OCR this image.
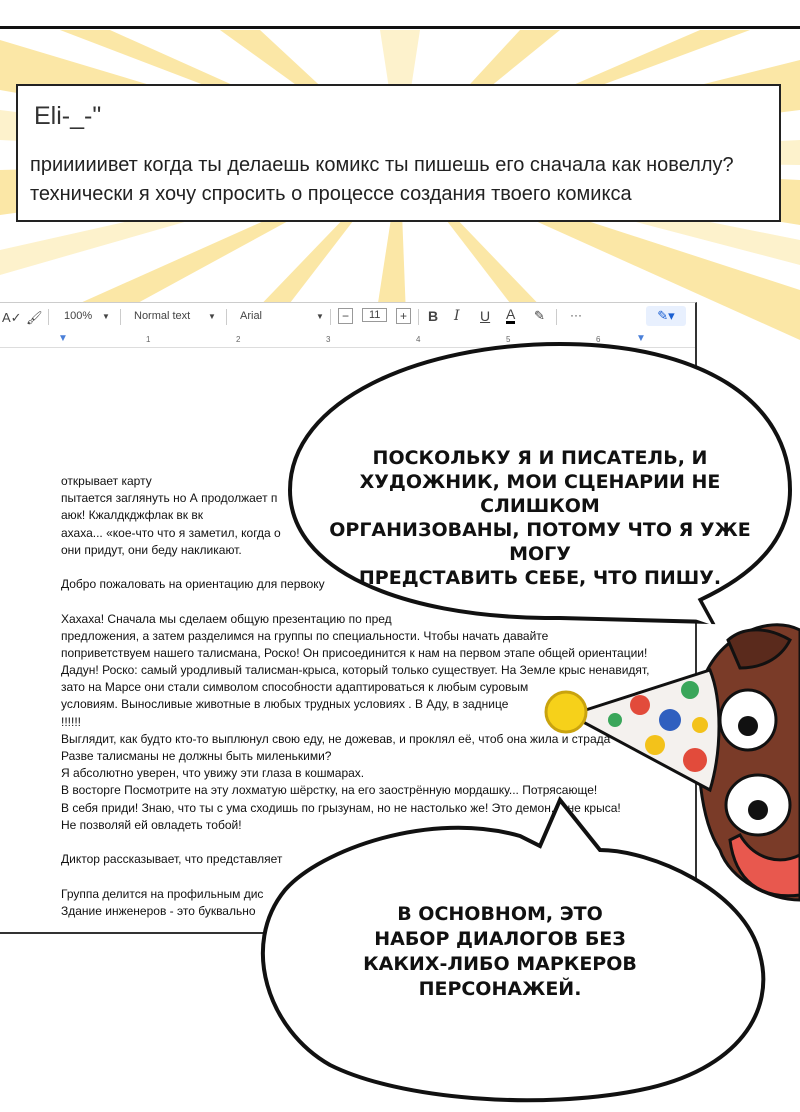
Eli-_-"
прииииивет когда ты делаешь комикс ты пишешь его сначала как новеллу?
технически я хочу спросить о процессе создания твоего комикса
A✓ 🖌 100% ▼ Normal text ▼ Arial	▼	−	11	+ B I U A ✎ ···	✎▾
▼	1	2	3	4	5	6	▼
открывает карту
пытается заглянуть но А продолжает п
аюк! Кжалдкджфлак вк вк
ахаха... «кое-что что я заметил, когда о
они придут, они беду накликают.
Добро пожаловать на ориентацию для первоку
Хахаха! Сначала мы сделаем общую презентацию по пред
предложения, а затем разделимся на группы по специальности. Чтобы начать давайте
поприветствуем нашего талисмана, Роско! Он присоединится к нам на первом этапе общей ориентации!
Дадун! Роско: самый уродливый талисман-крыса, который только существует. На Земле крыс ненавидят,
зато на Марсе они стали символом способности адаптироваться к любым суровым
условиям. Выносливые животные в любых трудных условиях . В Аду, в заднице
!!!!!!
Выглядит, как будто кто-то выплюнул свою еду, не дожевав, и проклял её, чтоб она жила и страда
Разве талисманы не должны быть миленькими?
Я абсолютно уверен, что увижу эти глаза в кошмарах.
В восторге Посмотрите на эту лохматую шёрстку, на его заострённую мордашку... Потрясающе!
В себя приди! Знаю, что ты с ума сходишь по грызунам, но не настолько же! Это демон, а не крыса!
Не позволяй ей овладеть тобой!
Диктор рассказывает, что представляет
Группа делится на профильным дис
Здание инженеров - это буквально
ПОСКОЛЬКУ Я И ПИСАТЕЛЬ, И
ХУДОЖНИК, МОИ СЦЕНАРИИ НЕ СЛИШКОМ
ОРГАНИЗОВАНЫ, ПОТОМУ ЧТО Я УЖЕ МОГУ
ПРЕДСТАВИТЬ СЕБЕ, ЧТО ПИШУ.
В ОСНОВНОМ, ЭТО
НАБОР ДИАЛОГОВ БЕЗ
КАКИХ-ЛИБО МАРКЕРОВ
ПЕРСОНАЖЕЙ.
